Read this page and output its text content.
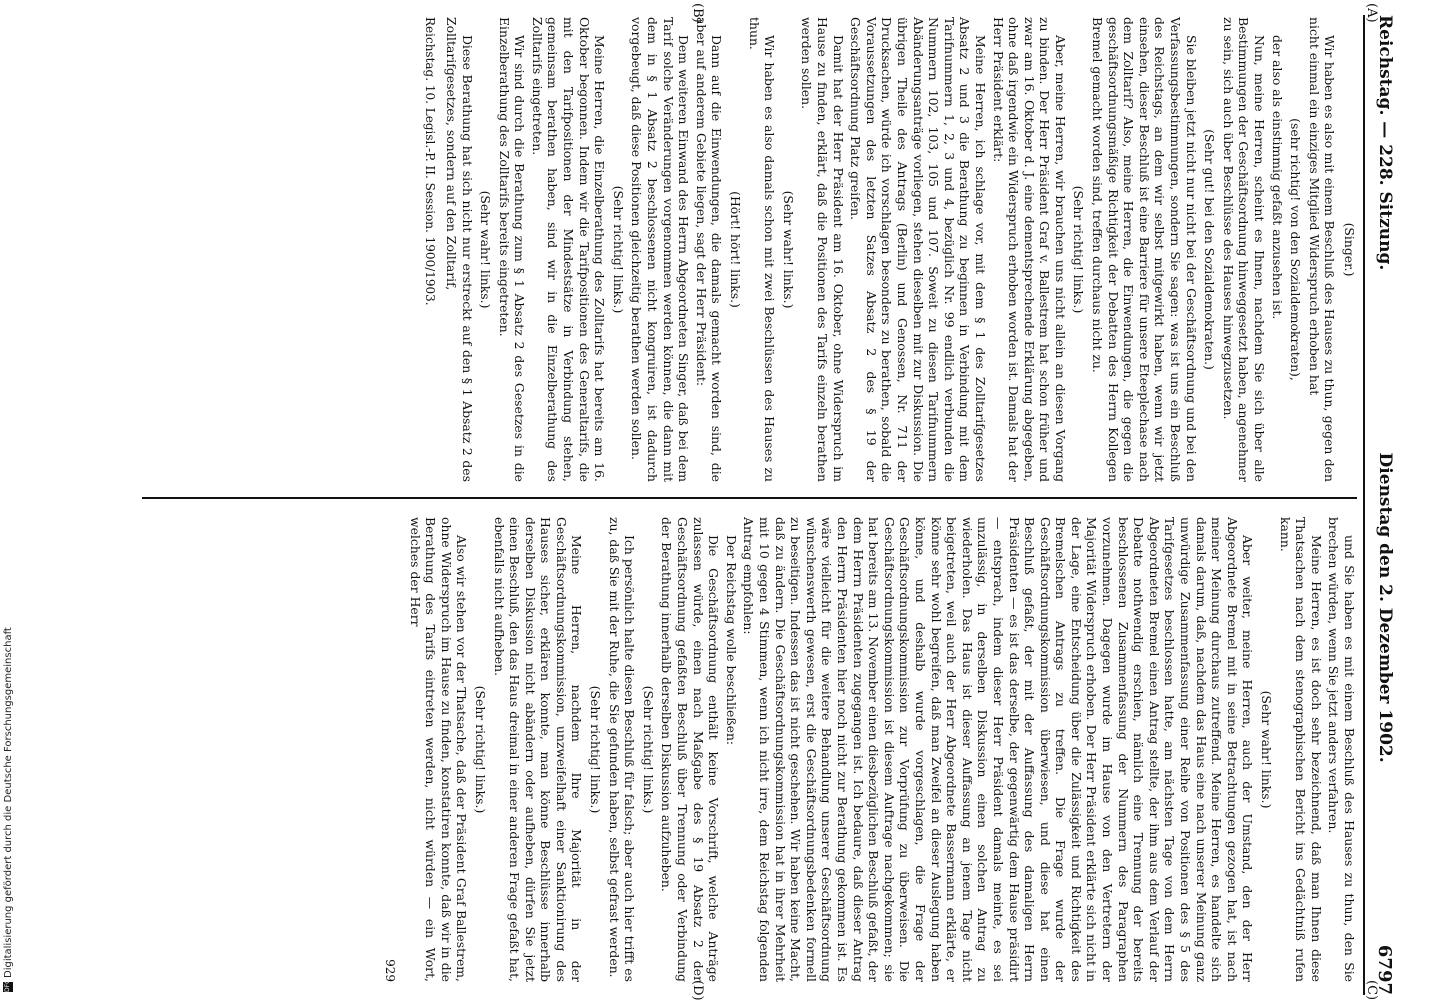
Reichstag. — 228. Sitzung.
Dienstag den 2. Dezember 1902.
6797
(A)
(B)
(C)
(D)
(Singer.)

Wir haben es also mit einem Beschluß des Hauses zu thun, gegen den nicht einmal ein einziges Mitglied Widerspruch erhoben hat

(sehr richtig! von den Sozialdemokraten),

der also als einstimmig gefaßt anzusehen ist.

Nun, meine Herren, scheint es Ihnen, nachdem Sie sich über alle Bestimmungen der Geschäftsordnung hinweggesetzt haben, angenehmer zu sein, sich auch über Beschlüsse des Hauses hinwegzusetzen.

(Sehr gut! bei den Sozialdemokraten.)

Sie bleiben jetzt nicht nur nicht bei der Geschäftsordnung und bei den Verfassungsbestimmungen, sondern Sie sagen: was ist uns ein Beschluß des Reichstags, an dem wir selbst mitgewirkt haben, wenn wir jetzt einsehen, dieser Beschluß ist eine Barriere für unsere Eteeplechase nach dem Zolltarif? Also, meine Herren, die Einwendungen, die gegen die geschäftsordnungsmäßige Richtigkeit der Debatten des Herrn Kollegen Bremel gemacht worden sind, treffen durchaus nicht zu.

(Sehr richtig! links.)

Aber, meine Herren, wir brauchen uns nicht allein an diesen Vorgang zu binden. Der Herr Präsident Graf v. Ballestrem hat schon früher und zwar am 16. Oktober d. J. eine dementsprechende Erklärung abgegeben, ohne daß irgendwie ein Widerspruch erhoben worden ist. Damals hat der Herr Präsident erklärt:

Meine Herren, ich schlage vor, mit dem § 1 des Zolltarifgesetzes Absatz 2 und 3 die Berathung zu beginnen in Verbindung mit dem Tarifnummern 1, 2, 3 und 4, bezüglich Nr. 99 endlich verbunden die Nummern 102, 103, 105 und 107. Soweit zu diesen Tarifnummern Abänderungsanträge vorliegen, stehen dieselben mit zur Diskussion. Die übrigen Theile des Antrags (Berlin) und Genossen, Nr. 711 der Drucksachen, würde ich vorschlagen besonders zu berathen, sobald die Voraussetzungen des letzten Satzes Absatz 2 des § 19 der Geschäftsordnung Platz greifen.

Damit hat der Herr Präsident am 16. Oktober, ohne Widerspruch im Hause zu finden, erklärt, daß die Positionen des Tarifs einzeln berathen werden sollen.

(Sehr wahr! links.)

Wir haben es also damals schon mit zwei Beschlüssen des Hauses zu thun.

(Hört! hört! links.)

Dann auf die Einwendungen, die damals gemacht worden sind, die aber auf anderem Gebiete liegen, sagt der Herr Präsident:

Dem weiteren Einwand des Herrn Abgeordneten Singer, daß bei dem Tarif solche Veränderungen vorgenommen werden können, die dann mit dem in § 1 Absatz 2 beschlossenen nicht kongruiren, ist dadurch vorgebeugt, daß diese Positionen gleichzeitig berathen werden sollen.

(Sehr richtig! links.)

Meine Herren, die Einzelberathung des Zolltarifs hat bereits am 16. Oktober begonnen. Indem wir die Tarifpositionen des Generaltarifs, die mit den Tarifpositionen der Mindestsätze in Verbindung stehen, gemeinsam berathen haben, sind wir in die Einzelberathung des Zolltarifs eingetreten.

Wir sind durch die Berathung zum § 1 Absatz 2 des Gesetzes in die Einzelberathung des Zolltarifs bereits eingetreten.

(Sehr wahr! links.)

Diese Berathung hat sich nicht nur erstreckt auf den § 1 Absatz 2 des Zolltarifgesetzes, sondern auf den Zolltarif,

Reichstag. 10. Legisl.-P. II. Session. 1900/1903.

und Sie haben es mit einem Beschluß des Hauses zu thun, den Sie brechen würden, wenn Sie jetzt anders verfahren.

Meine Herren, es ist doch sehr bezeichnend, daß man Ihnen diese Thatsachen nach dem stenographischen Bericht ins Gedächtniß rufen kann.

(Sehr wahr! links.)

Aber weiter, meine Herren, auch der Umstand, den der Herr Abgeordnete Bremel mit in seine Betrachtungen gezogen hat, ist nach meiner Meinung durchaus zutreffend. Meine Herren, es handelte sich damals darum, daß, nachdem das Haus eine nach unserer Meinung ganz unwürdige Zusammenfassung einer Reihe von Positionen des § 5 des Tarifgesetzes beschlossen hatte, am nächsten Tage von dem Herrn Abgeordneten Bremel einen Antrag stellte, der ihm aus dem Verlauf der Debatte nothwendig erschien, nämlich eine Trennung der bereits beschlossenen Zusammenfassung der Nummern des Paragraphen vorzunehmen. Dagegen wurde im Hause von den Vertretern der Majorität Widerspruch erhoben. Der Herr Präsident erklärte sich nicht in der Lage, eine Entscheidung über die Zulässigkeit und Richtigkeit des Bremelschen Antrags zu treffen. Die Frage wurde der Geschäftsordnungskommission überwiesen, und diese hat einen Beschluß gefaßt, der mit der Auffassung des damaligen Herrn Präsidenten — es ist das derselbe, der gegenwärtig dem Hause präsidirt — entsprach, indem dieser Herr Präsident damals meinte, es sei unzulässig, in derselben Diskussion einen solchen Antrag zu wiederholen. Das Haus ist dieser Auffassung an jenem Tage nicht beigetreten, weil auch der Herr Abgeordnete Bassermann erklärte, er könne sehr wohl begreifen, daß man Zweifel an dieser Auslegung haben könne, und deshalb wurde vorgeschlagen, die Frage der Geschäftsordnungskommission zur Vorprüfung zu überweisen. Die Geschäftsordnungskommission ist diesem Auftrage nachgekommen; sie hat bereits am 13. November einen diesbezüglichen Beschluß gefaßt, der dem Herrn Präsidenten zugegangen ist. Ich bedaure, daß dieser Antrag den Herrn Präsidenten hier noch nicht zur Berathung gekommen ist. Es wäre vielleicht für die weitere Behandlung unserer Geschäftsordnung wünschenswerth gewesen, erst die Geschäftsordnungsbedenken formell zu beseitigen. Indessen das ist nicht geschehen. Wir haben keine Macht, daß zu ändern. Die Geschäftsordnungskommission hat in ihrer Mehrheit mit 10 gegen 4 Stimmen, wenn ich nicht irre, dem Reichstag folgenden Antrag empfohlen:

Der Reichstag wolle beschließen:

Die Geschäftsordnung enthält keine Vorschrift, welche Anträge zulassen würde, einen nach Maßgabe des § 19 Absatz 2 der Geschäftsordnung gefaßten Beschluß über Trennung oder Verbindung der Berathung innerhalb derselben Diskussion aufzuheben.

(Sehr richtig! links.)

Ich persönlich halte diesen Beschluß für falsch; aber auch hier trifft es zu, daß Sie mit der Ruhe, die Sie gefunden haben, selbst gefrast werden.

(Sehr richtig! links.)

Meine Herren, nachdem Ihre Majorität in der Geschäftsordnungskommission, unzweifelhaft einer Sanktionirung des Hauses sicher, erklären konnte, man könne Beschlüsse innerhalb derselben Diskussion nicht abändern oder aufheben, dürfen Sie jetzt einen Beschluß, den das Haus dreimal in einer anderen Frage gefaßt hat, ebenfalls nicht aufheben.

(Sehr richtig! links.)

Also wir stehen vor der Thatsache, daß der Präsident Graf Ballestrem, ohne Widerspruch im Hause zu finden, konstatiren konnte, daß wir in die Berathung des Tarifs eintreten werden, nicht würden — ein Wort, welches der Herr

929
DFG
Digitalisierung gefördert durch die Deutsche Forschungsgemeinschaft
